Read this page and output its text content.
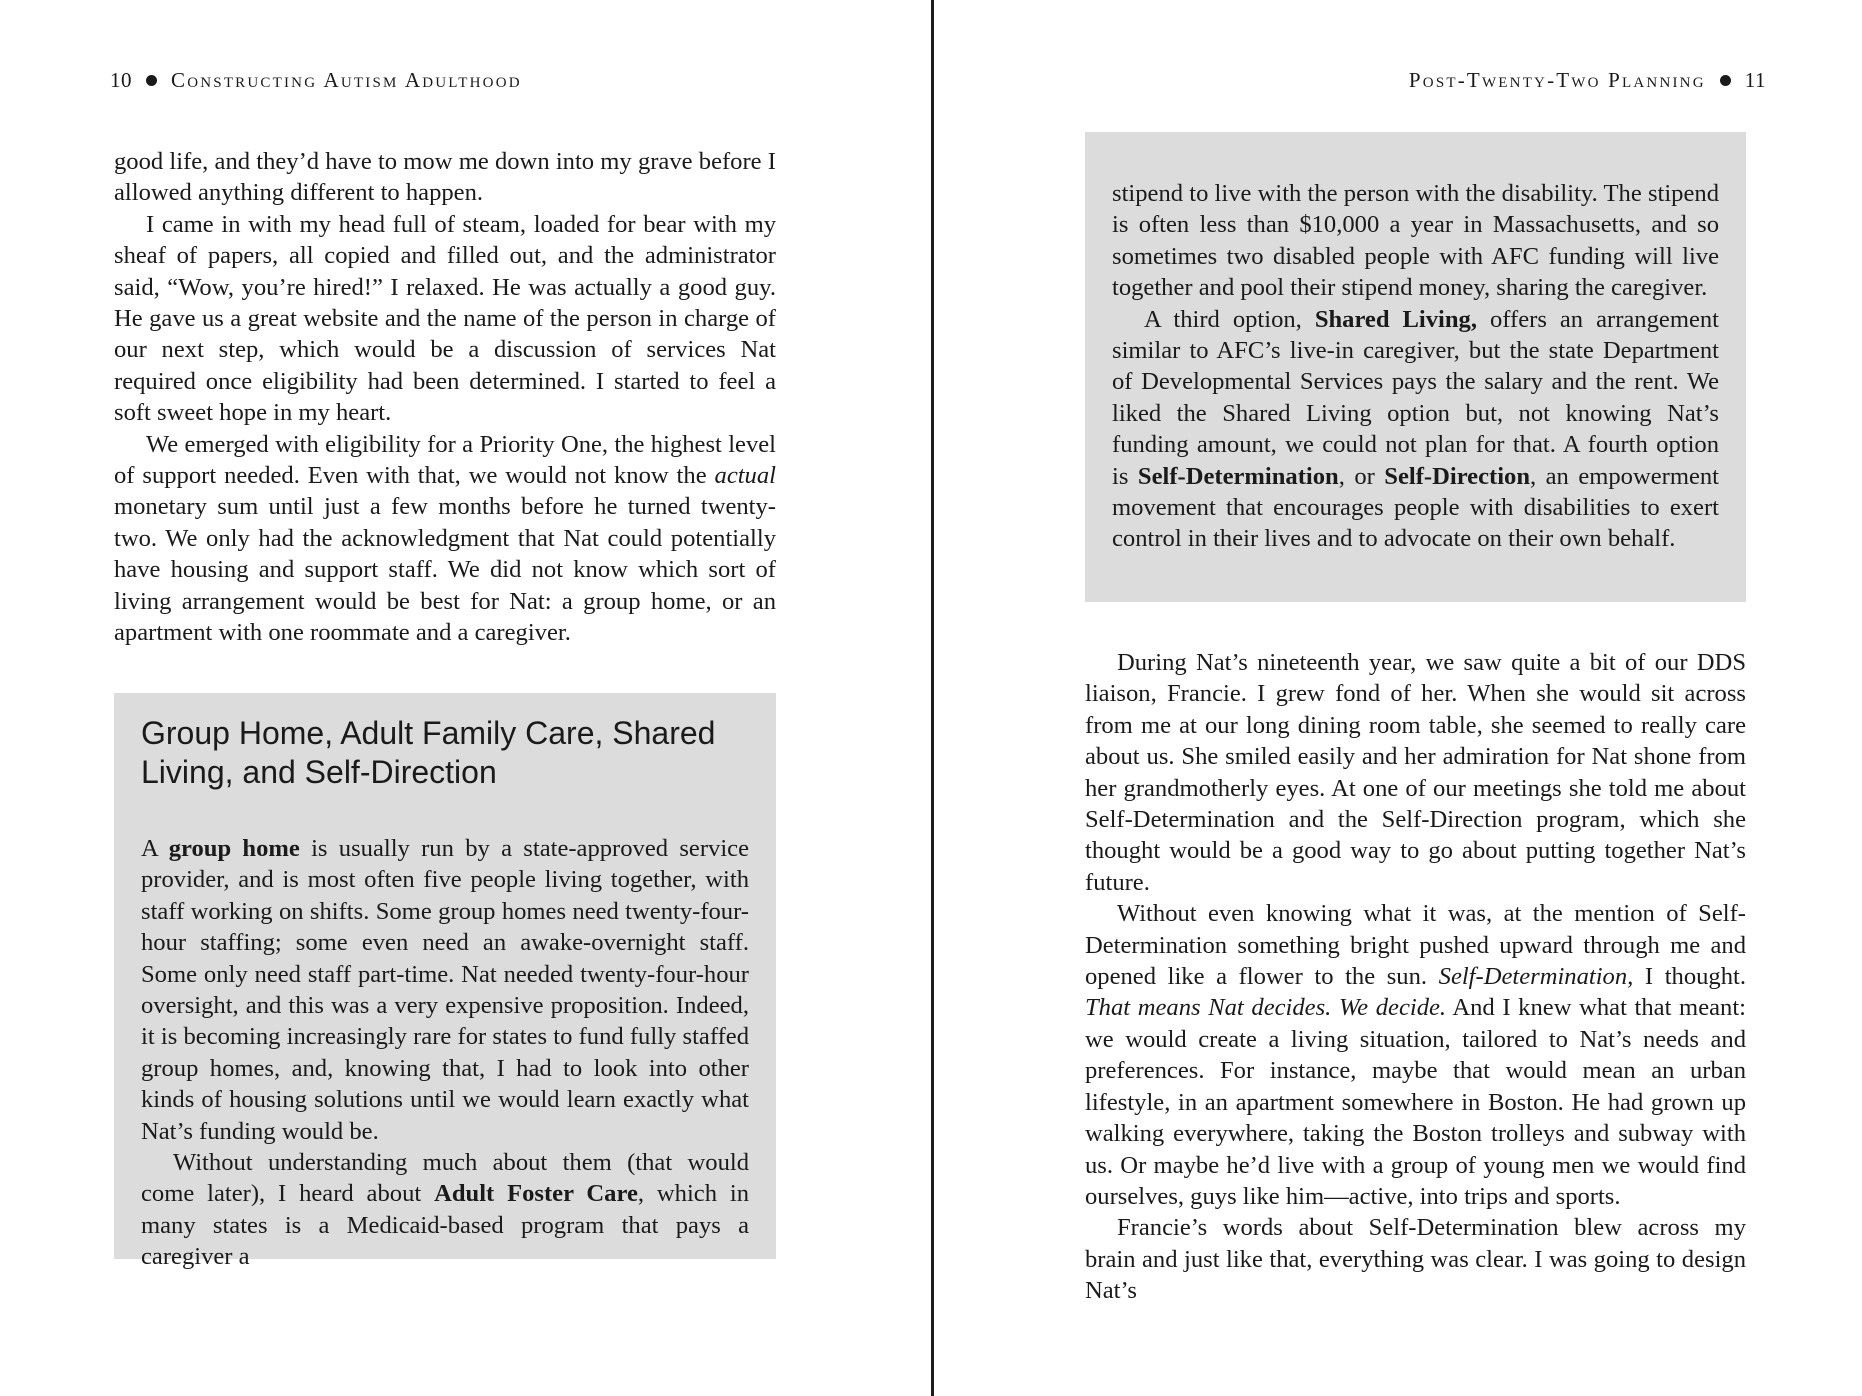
10 Constructing Autism Adulthood

good life, and they’d have to mow me down into my grave before I allowed anything different to happen.

I came in with my head full of steam, loaded for bear with my sheaf of papers, all copied and filled out, and the administrator said, “Wow, you’re hired!” I relaxed. He was actually a good guy. He gave us a great website and the name of the person in charge of our next step, which would be a discussion of services Nat required once eligibility had been determined. I started to feel a soft sweet hope in my heart.

We emerged with eligibility for a Priority One, the highest level of support needed. Even with that, we would not know the actual monetary sum until just a few months before he turned twenty-two. We only had the acknowledgment that Nat could potentially have housing and support staff. We did not know which sort of living arrangement would be best for Nat: a group home, or an apartment with one roommate and a caregiver.

Group Home, Adult Family Care, Shared Living, and Self-Direction

A group home is usually run by a state-approved service provider, and is most often five people living together, with staff working on shifts. Some group homes need twenty-four-hour staffing; some even need an awake-overnight staff. Some only need staff part-time. Nat needed twenty-four-hour oversight, and this was a very expensive proposition. Indeed, it is becoming increasingly rare for states to fund fully staffed group homes, and, knowing that, I had to look into other kinds of housing solutions until we would learn exactly what Nat’s funding would be.

Without understanding much about them (that would come later), I heard about Adult Foster Care, which in many states is a Medicaid-based program that pays a caregiver a

Post-Twenty-Two Planning 11

stipend to live with the person with the disability. The stipend is often less than $10,000 a year in Massachusetts, and so sometimes two disabled people with AFC funding will live together and pool their stipend money, sharing the caregiver.

A third option, Shared Living, offers an arrangement similar to AFC’s live-in caregiver, but the state Department of Developmental Services pays the salary and the rent. We liked the Shared Living option but, not knowing Nat’s funding amount, we could not plan for that. A fourth option is Self-Determination, or Self-Direction, an empowerment movement that encourages people with disabilities to exert control in their lives and to advocate on their own behalf.

During Nat’s nineteenth year, we saw quite a bit of our DDS liaison, Francie. I grew fond of her. When she would sit across from me at our long dining room table, she seemed to really care about us. She smiled easily and her admiration for Nat shone from her grandmotherly eyes. At one of our meetings she told me about Self-Determination and the Self-Direction program, which she thought would be a good way to go about putting together Nat’s future.

Without even knowing what it was, at the mention of Self-Determination something bright pushed upward through me and opened like a flower to the sun. Self-Determination, I thought. That means Nat decides. We decide. And I knew what that meant: we would create a living situation, tailored to Nat’s needs and preferences. For instance, maybe that would mean an urban lifestyle, in an apartment somewhere in Boston. He had grown up walking everywhere, taking the Boston trolleys and subway with us. Or maybe he’d live with a group of young men we would find ourselves, guys like him—active, into trips and sports.

Francie’s words about Self-Determination blew across my brain and just like that, everything was clear. I was going to design Nat’s
